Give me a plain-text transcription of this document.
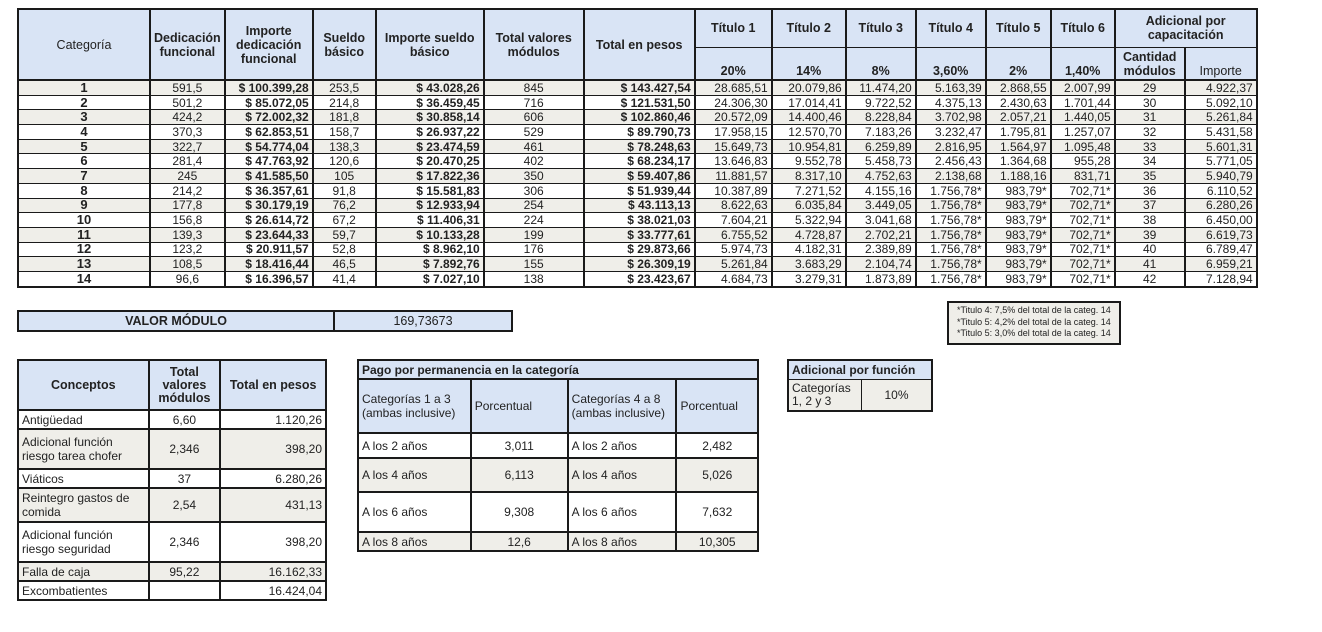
Categoría	Dedicación funcional	Importe dedicación funcional	Sueldo básico	Importe sueldo básico	Total valores módulos	Total en pesos	Título 1	Título 2	Título 3	Título 4	Título 5	Título 6	Adicional por capacitación	
							20%	14%	8%	3,60%	2%	1,40%	Cantidad módulos	Importe
1	591,5	$ 100.399,28	253,5	$ 43.028,26	845	$ 143.427,54	28.685,51	20.079,86	11.474,20	5.163,39	2.868,55	2.007,99	29	4.922,37
2	501,2	$ 85.072,05	214,8	$ 36.459,45	716	$ 121.531,50	24.306,30	17.014,41	9.722,52	4.375,13	2.430,63	1.701,44	30	5.092,10
3	424,2	$ 72.002,32	181,8	$ 30.858,14	606	$ 102.860,46	20.572,09	14.400,46	8.228,84	3.702,98	2.057,21	1.440,05	31	5.261,84
4	370,3	$ 62.853,51	158,7	$ 26.937,22	529	$ 89.790,73	17.958,15	12.570,70	7.183,26	3.232,47	1.795,81	1.257,07	32	5.431,58
5	322,7	$ 54.774,04	138,3	$ 23.474,59	461	$ 78.248,63	15.649,73	10.954,81	6.259,89	2.816,95	1.564,97	1.095,48	33	5.601,31
6	281,4	$ 47.763,92	120,6	$ 20.470,25	402	$ 68.234,17	13.646,83	9.552,78	5.458,73	2.456,43	1.364,68	955,28	34	5.771,05
7	245	$ 41.585,50	105	$ 17.822,36	350	$ 59.407,86	11.881,57	8.317,10	4.752,63	2.138,68	1.188,16	831,71	35	5.940,79
8	214,2	$ 36.357,61	91,8	$ 15.581,83	306	$ 51.939,44	10.387,89	7.271,52	4.155,16	1.756,78*	983,79*	702,71*	36	6.110,52
9	177,8	$ 30.179,19	76,2	$ 12.933,94	254	$ 43.113,13	8.622,63	6.035,84	3.449,05	1.756,78*	983,79*	702,71*	37	6.280,26
10	156,8	$ 26.614,72	67,2	$ 11.406,31	224	$ 38.021,03	7.604,21	5.322,94	3.041,68	1.756,78*	983,79*	702,71*	38	6.450,00
11	139,3	$ 23.644,33	59,7	$ 10.133,28	199	$ 33.777,61	6.755,52	4.728,87	2.702,21	1.756,78*	983,79*	702,71*	39	6.619,73
12	123,2	$ 20.911,57	52,8	$ 8.962,10	176	$ 29.873,66	5.974,73	4.182,31	2.389,89	1.756,78*	983,79*	702,71*	40	6.789,47
13	108,5	$ 18.416,44	46,5	$ 7.892,76	155	$ 26.309,19	5.261,84	3.683,29	2.104,74	1.756,78*	983,79*	702,71*	41	6.959,21
14	96,6	$ 16.396,57	41,4	$ 7.027,10	138	$ 23.423,67	4.684,73	3.279,31	1.873,89	1.756,78*	983,79*	702,71*	42	7.128,94
VALOR MÓDULO	169,73673
*Titulo 4: 7,5% del total de la categ. 14
*Titulo 5: 4,2% del total de la categ. 14
*Titulo 5: 3,0% del total de la categ. 14
Conceptos	Total valores módulos	Total en pesos
Antigüedad	6,60	1.120,26
Adicional función riesgo tarea chofer	2,346	398,20
Viáticos	37	6.280,26
Reintegro gastos de comida	2,54	431,13
Adicional función riesgo seguridad	2,346	398,20
Falla de caja	95,22	16.162,33
Excombatientes		16.424,04
Pago por permanencia en la categoría			
Categorías 1 a 3 (ambas inclusive)	Porcentual	Categorías 4 a 8 (ambas inclusive)	Porcentual
A los 2 años	3,011	A los 2 años	2,482
A los 4 años	6,113	A los 4 años	5,026
A los 6 años	9,308	A los 6 años	7,632
A los 8 años	12,6	A los 8 años	10,305
Adicional por función
Categorías 1, 2 y 3	10%
